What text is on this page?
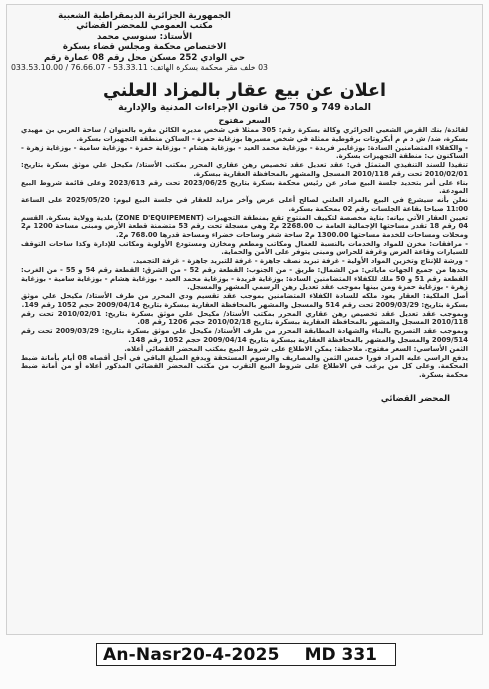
الجمهورية الجزائرية الديمقراطية الشعبية
مكتب العمومي للمحضر القضائي
الأستاذ: سنوسي محمد
الاختصاص محكمة ومجلس قضاء بسكرة
حي الوادي 252 مسكن محل رقم 08 عمارة رقم
03 خلف مقر محكمة بسكرة الهاتف: 53.33.11 - 76.66.07 / 033.53.10.00
اعلان عن بيع عقار بالمزاد العلني
المادة 749 و 750 من قانون الإجراءات المدنية والإدارية
السعر مفتوح

لفائدة/ بنك القرض الشعبي الجزائري وكالة بسكرة رقم: 305 ممثلا في شخص مديره الكائن مقره بالعنوان / ساحة العربي بن مهيدي بسكرة، ضد/ ش ذ م م أبكروتات برقوطية ممثلة في شخص مسيرها بوزغاية حمزة - الساكن منطقة التجهيزات بسكرة.

- والكفلاء المتضامنين السادة: بوزغايبر فريدة - بوزغاية محمد العيد - بوزغاية هشام - بوزغاية حمزة - بوزغاية سامية - بوزغاية زهرة - الساكنون ب: منطقة التجهيزات بسكرة.

تنفيذا للسند التنفيذي المتمثل في: عقد تعديل عقد تخصيص رهن عقاري المحرر بمكتب الأستاذ/ مكيحل علي موثق بسكرة بتاريخ: 2010/02/01 تحت رقم 2010/118 المسجل والمشهر بالمحافظة العقارية ببسكرة.

بناء على أمر بتحديد جلسة البيع صادر عن رئيس محكمة بسكرة بتاريخ 2023/06/25 تحت رقم 2023/613 وعلى قائمة شروط البيع المودعة.

نعلن بأنه سيشرع في البيع بالمزاد العلني لصالح أعلى عرض وآخر مزايد للعقار في جلسة البيع ليوم: 2025/05/20 على الساعة 11:00 صباحا بقاعة الجلسات رقم 02 بمحكمة بسكرة.

تعيين العقار الآتي بيانه: بناية مخصصة لتكييف المنتوج تقع بمنطقة التجهيزات (ZONE D'EQUIPEMENT) بلدية وولاية بسكرة. القسم 04 رقم 18 تقدر مساحتها الإجمالية العامة ب 2268.00 م2 وهي مسجلة تحت رقم 53 متضمنة قطعة الأرض ومبنى مساحة 1200 م2 ومحلات ومساحات للخدمة مساحتها 1300.00 م2 ساحة شغر وساحات خضراء ومساحة قدرها 768.00 م2.

- مرافقات: مخزن للمواد والخدمات بالنسبة للعمال ومكاتب ومطعم ومخازن ومستودع الأولوية ومكاتب للإدارة وكذا ساحات التوقف للسيارات وقاعة العرض وغرفة للحراس ومبنى يتوفر على الأمن والحماية.

- ورشة للإنتاج وتخزين المواد الأولية - غرفة تبريد نصف جاهزة - غرفة للتبريد جاهزة - غرفة التجميد.

يحدها من جميع الجهات ماياتي: من الشمال: طريق - من الجنوب: القطعة رقم 52 - من الشرق: القطعة رقم 54 و 55 - من الغرب: القطعة رقم 51 و 50 ملك للكفلاء المتضامنين السادة: بوزغاية فريدة - بوزغاية محمد العيد - بوزغاية هشام - بوزغاية سامية - بوزغاية زهرة - بوزغاية حمزة ومن بينها بموجب عقد تعديل رهن الرسمي المشهر والمسجل.

أصل الملكية: العقار يعود ملكه للسادة الكفلاء المتضامنين بموجب عقد تقسيم ودي المحرر من طرف الأستاذ/ مكيحل علي موثق بسكرة بتاريخ: 2009/03/29 تحت رقم 514 والمسجل والمشهر بالمحافظة العقارية ببسكرة بتاريخ 2009/04/14 حجم 1052 رقم 149.

وبموجب عقد تعديل عقد تخصيص رهن عقاري المحرر بمكتب الأستاذ/ مكيحل علي موثق بسكرة بتاريخ: 2010/02/01 تحت رقم 2010/118 المسجل والمشهر بالمحافظة العقارية ببسكرة بتاريخ 2010/02/18 حجم 1206 رقم 08.

وبموجب عقد التصريح بالبناء والشهادة المطابقة المحرر من طرف الأستاذ/ مكيحل علي موثق بسكرة بتاريخ: 2009/03/29 تحت رقم 2009/514 والمسجل والمشهر بالمحافظة العقارية ببسكرة بتاريخ 2009/04/14 حجم 1052 رقم 148.

الثمن الأساسي: السعر مفتوح. ملاحظة: يمكن الاطلاع على شروط البيع بمكتب المحضر القضائي أعلاه.

يدفع الراسي عليه المزاد فورا خمس الثمن والمصاريف والرسوم المستحقة ويدفع المبلغ الباقي في أجل أقصاه 08 أيام بأمانة ضبط المحكمة. وعلى كل من يرغب في الاطلاع على شروط البيع التقرب من مكتب المحضر القضائي المذكور أعلاه أو من أمانة ضبط محكمة بسكرة.

المحضر القضائي
An-Nasr20-4-2025 MD 331
